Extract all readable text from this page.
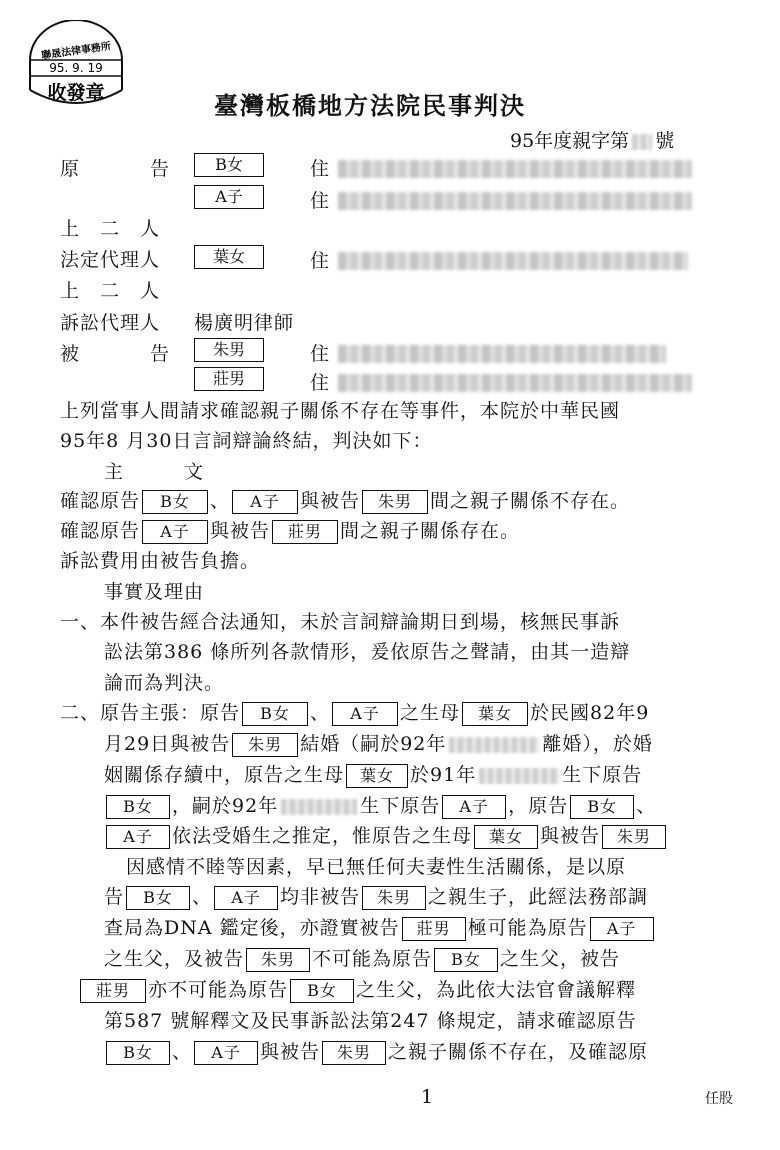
聯晟法律事務所
95. 9. 19
收發章	臺灣板橋地方法院民事判決
95年度親字第 號
原	告	B女	住
A子	住
上　二　人
法定代理人	葉女	住
上　二　人
訴訟代理人 楊廣明律師
被	告	朱男	住
莊男	住
上列當事人間請求確認親子關係不存在等事件，本院於中華民國
95年8 月30日言詞辯論終結，判決如下：
主　　　文
確認原告 B女 、 A子 與被告 朱男 間之親子關係不存在。
確認原告 A子 與被告 莊男 間之親子關係存在。
訴訟費用由被告負擔。
事實及理由
一、本件被告經合法通知，未於言詞辯論期日到場，核無民事訴
訟法第386 條所列各款情形，爰依原告之聲請，由其一造辯
論而為判決。
二、原告主張：原告 B女 、 A子 之生母 葉女 於民國82年9
月29日與被告 朱男 結婚（嗣於92年	離婚），於婚
姻關係存續中，原告之生母 葉女 於91年	生下原告
B女 ，嗣於92年	生下原告 A子 ，原告 B女 、
A子 依法受婚生之推定，惟原告之生母 葉女 與被告 朱男
因感情不睦等因素，早已無任何夫妻性生活關係，是以原
告 B女 、 A子 均非被告 朱男 之親生子，此經法務部調
查局為DNA 鑑定後，亦證實被告 莊男 極可能為原告 A子
之生父，及被告 朱男 不可能為原告 B女 之生父，被告
莊男 亦不可能為原告 B女 之生父，為此依大法官會議解釋
第587 號解釋文及民事訴訟法第247 條規定，請求確認原告
B女 、 A子 與被告 朱男 之親子關係不存在，及確認原
1	任股
